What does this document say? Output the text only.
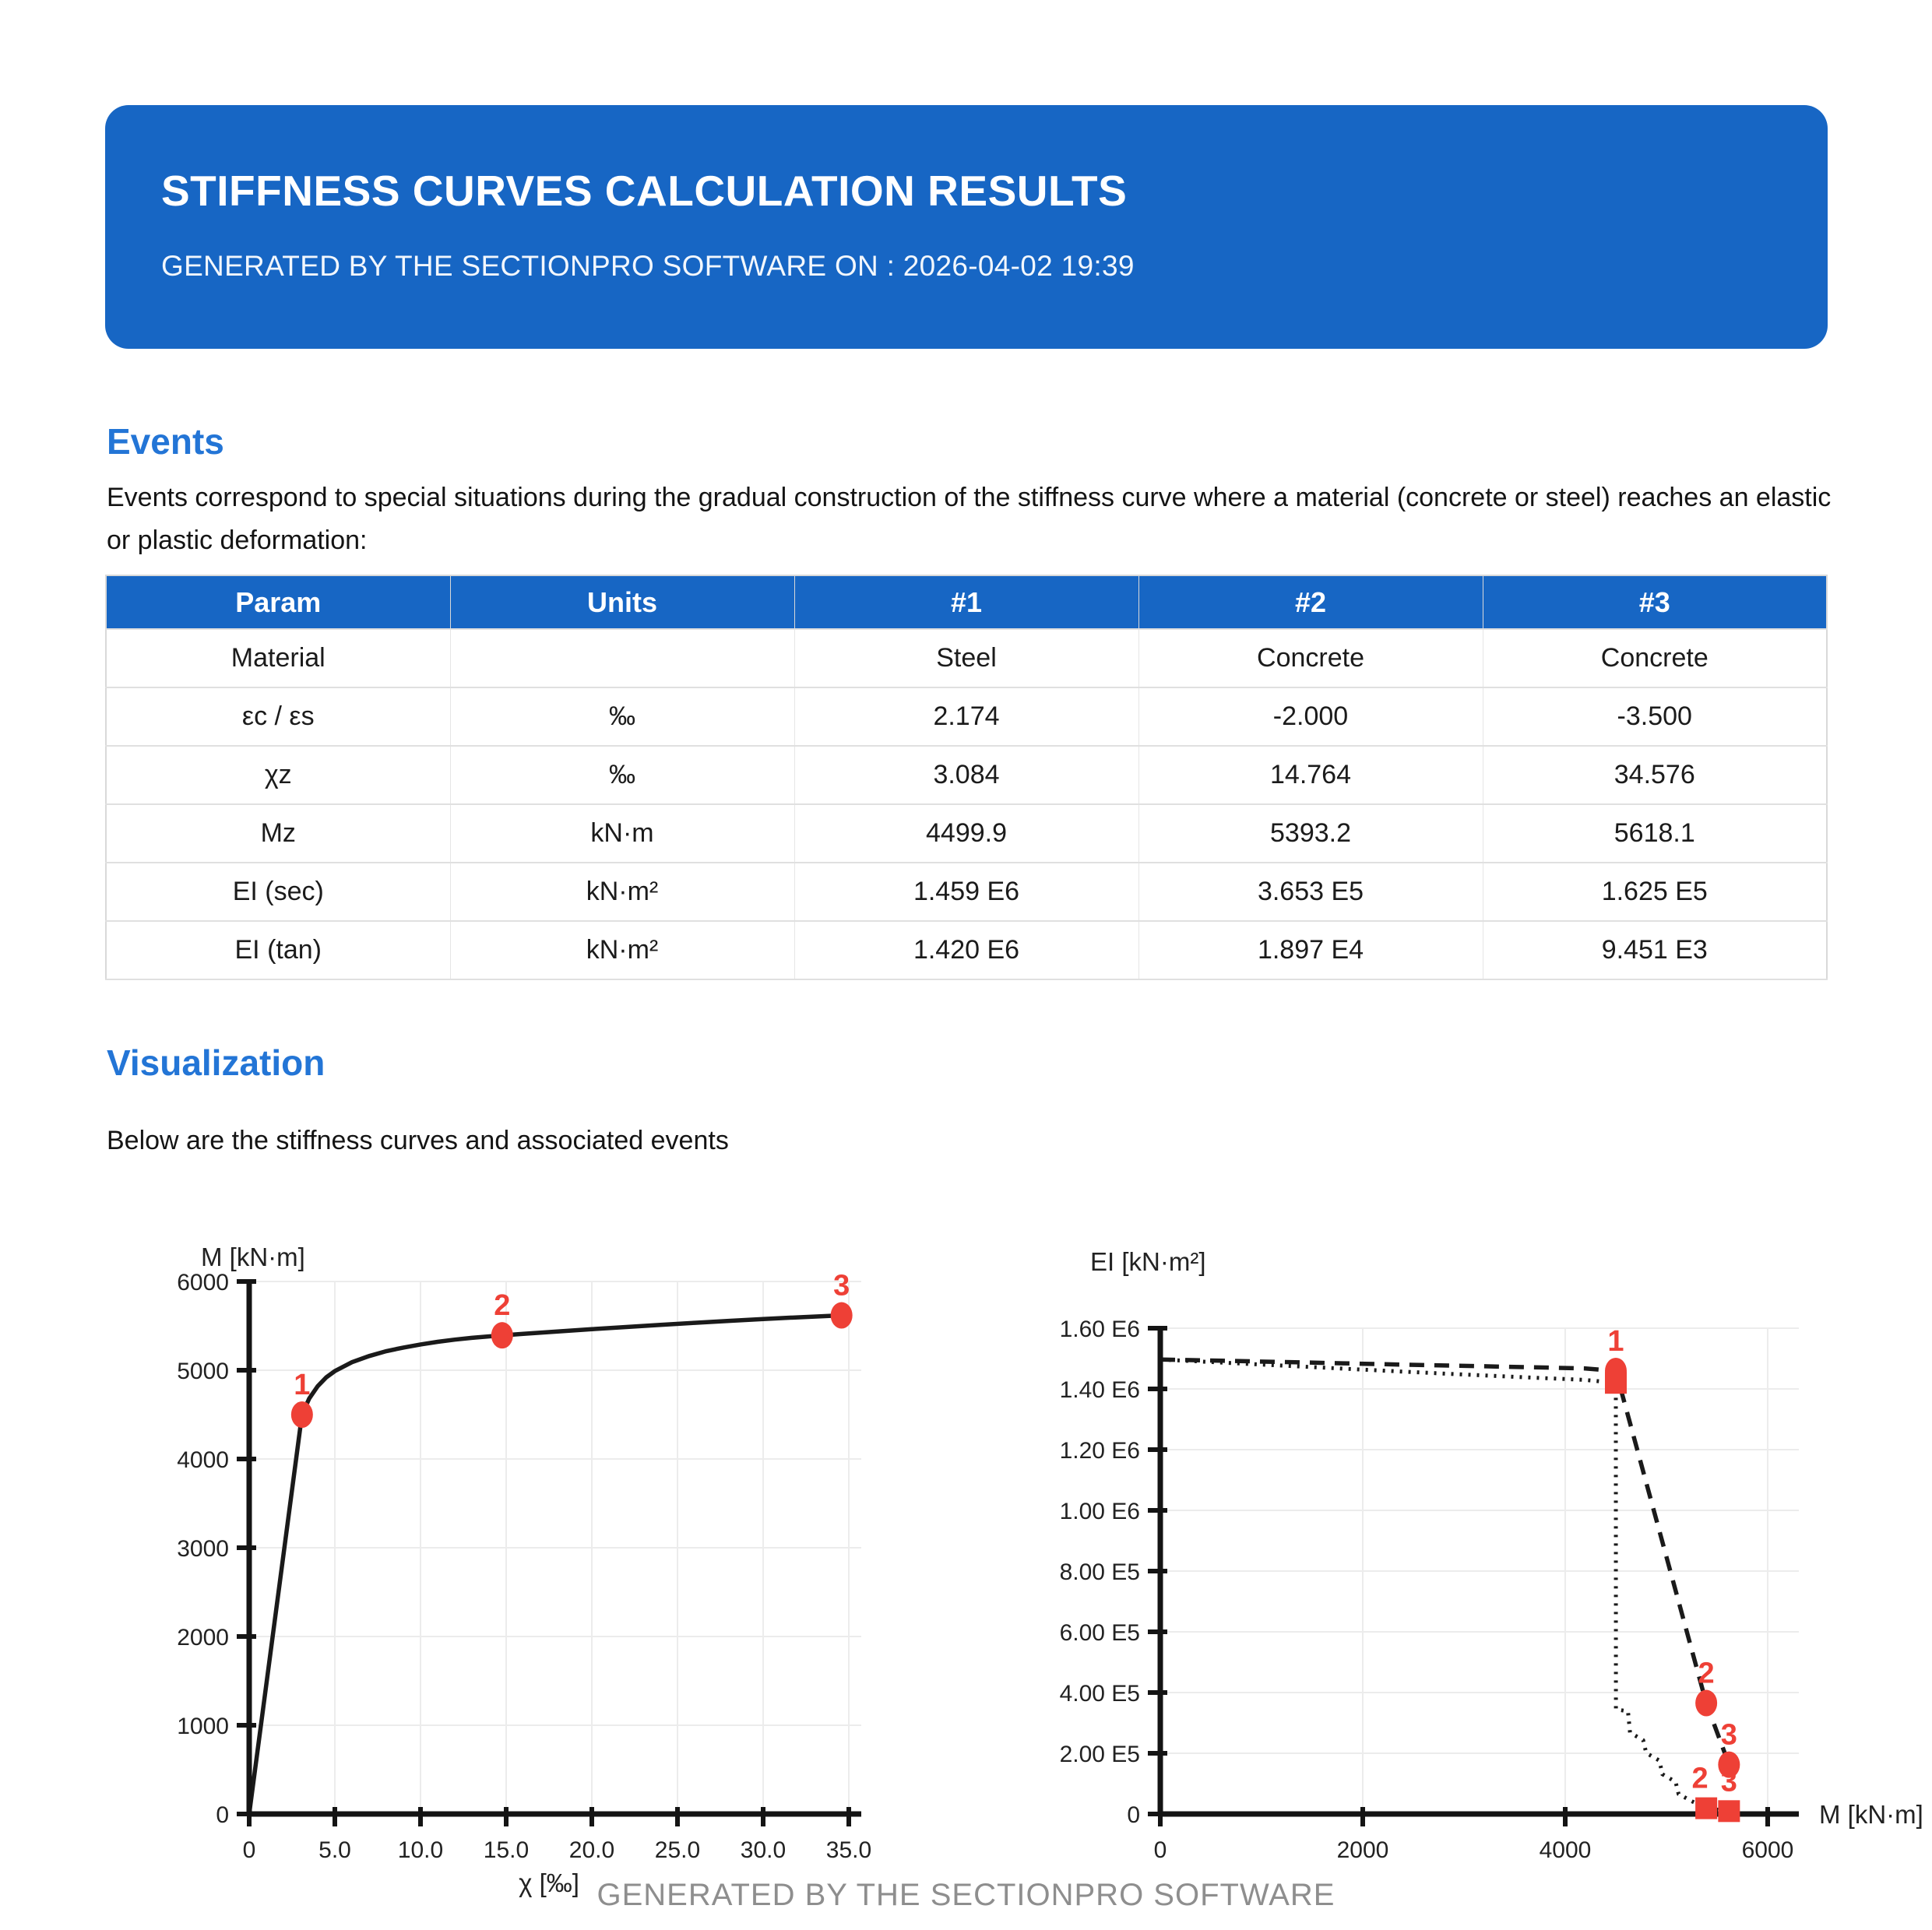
STIFFNESS CURVES CALCULATION RESULTS
GENERATED BY THE SECTIONPRO SOFTWARE ON : 2026-04-02 19:39
Events
Events correspond to special situations during the gradual construction of the stiffness curve where a material (concrete or steel) reaches an elastic or plastic deformation:
Param	Units	#1	#2	#3
Material		Steel	Concrete	Concrete
εc / εs	‰	2.174	-2.000	-3.500
χz	‰	3.084	14.764	34.576
Mz	kN·m	4499.9	5393.2	5618.1
EI (sec)	kN·m²	1.459 E6	3.653 E5	1.625 E5
EI (tan)	kN·m²	1.420 E6	1.897 E4	9.451 E3
Visualization
Below are the stiffness curves and associated events
0	5.0 10.0 15.0 20.0 25.0 30.0 35.0
0
1000
2000
3000
4000
5000
6000
M [kN·m]
χ [‰]
1
2
3
0	2000	4000	6000
0
2.00 E5
4.00 E5
6.00 E5
8.00 E5
1.00 E6
1.20 E6
1.40 E6
1.60 E6
EI [kN·m²]
M [kN·m]
1
2
3
2 3
GENERATED BY THE SECTIONPRO SOFTWARE
